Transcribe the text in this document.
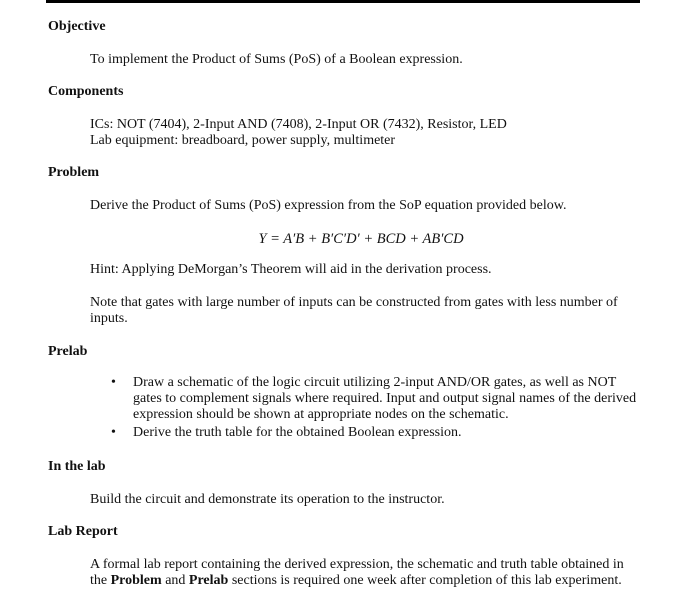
Objective
To implement the Product of Sums (PoS) of a Boolean expression.
Components
ICs: NOT (7404), 2-Input AND (7408), 2-Input OR (7432), Resistor, LED
Lab equipment: breadboard, power supply, multimeter
Problem
Derive the Product of Sums (PoS) expression from the SoP equation provided below.
Y = A′B + B′C′D′ + BCD + AB′CD
Hint: Applying DeMorgan’s Theorem will aid in the derivation process.
Note that gates with large number of inputs can be constructed from gates with less number of inputs.
Prelab
• Draw a schematic of the logic circuit utilizing 2-input AND/OR gates, as well as NOT gates to complement signals where required. Input and output signal names of the derived expression should be shown at appropriate nodes on the schematic.
• Derive the truth table for the obtained Boolean expression.
In the lab
Build the circuit and demonstrate its operation to the instructor.
Lab Report
A formal lab report containing the derived expression, the schematic and truth table obtained in the Problem and Prelab sections is required one week after completion of this lab experiment.
